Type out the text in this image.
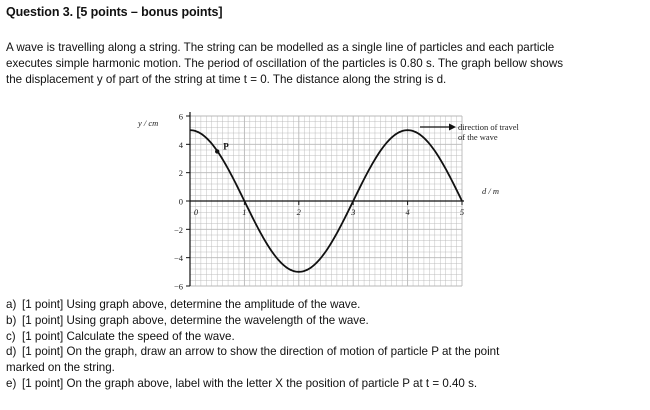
Question 3. [5 points – bonus points]
A wave is travelling along a string. The string can be modelled as a single line of particles and each particle
executes simple harmonic motion. The period of oscillation of the particles is 0.80 s. The graph bellow shows
the displacement y of part of the string at time t = 0. The distance along the string is d.
6
4
2
0
−2
−4
−6
0	1	2	3	4	5
y / cm
d / m
P
direction of travel
of the wave
a) [1 point] Using graph above, determine the amplitude of the wave.
b) [1 point] Using graph above, determine the wavelength of the wave.
c) [1 point] Calculate the speed of the wave.
d) [1 point] On the graph, draw an arrow to show the direction of motion of particle P at the point
marked on the string.
e) [1 point] On the graph above, label with the letter X the position of particle P at t = 0.40 s.
